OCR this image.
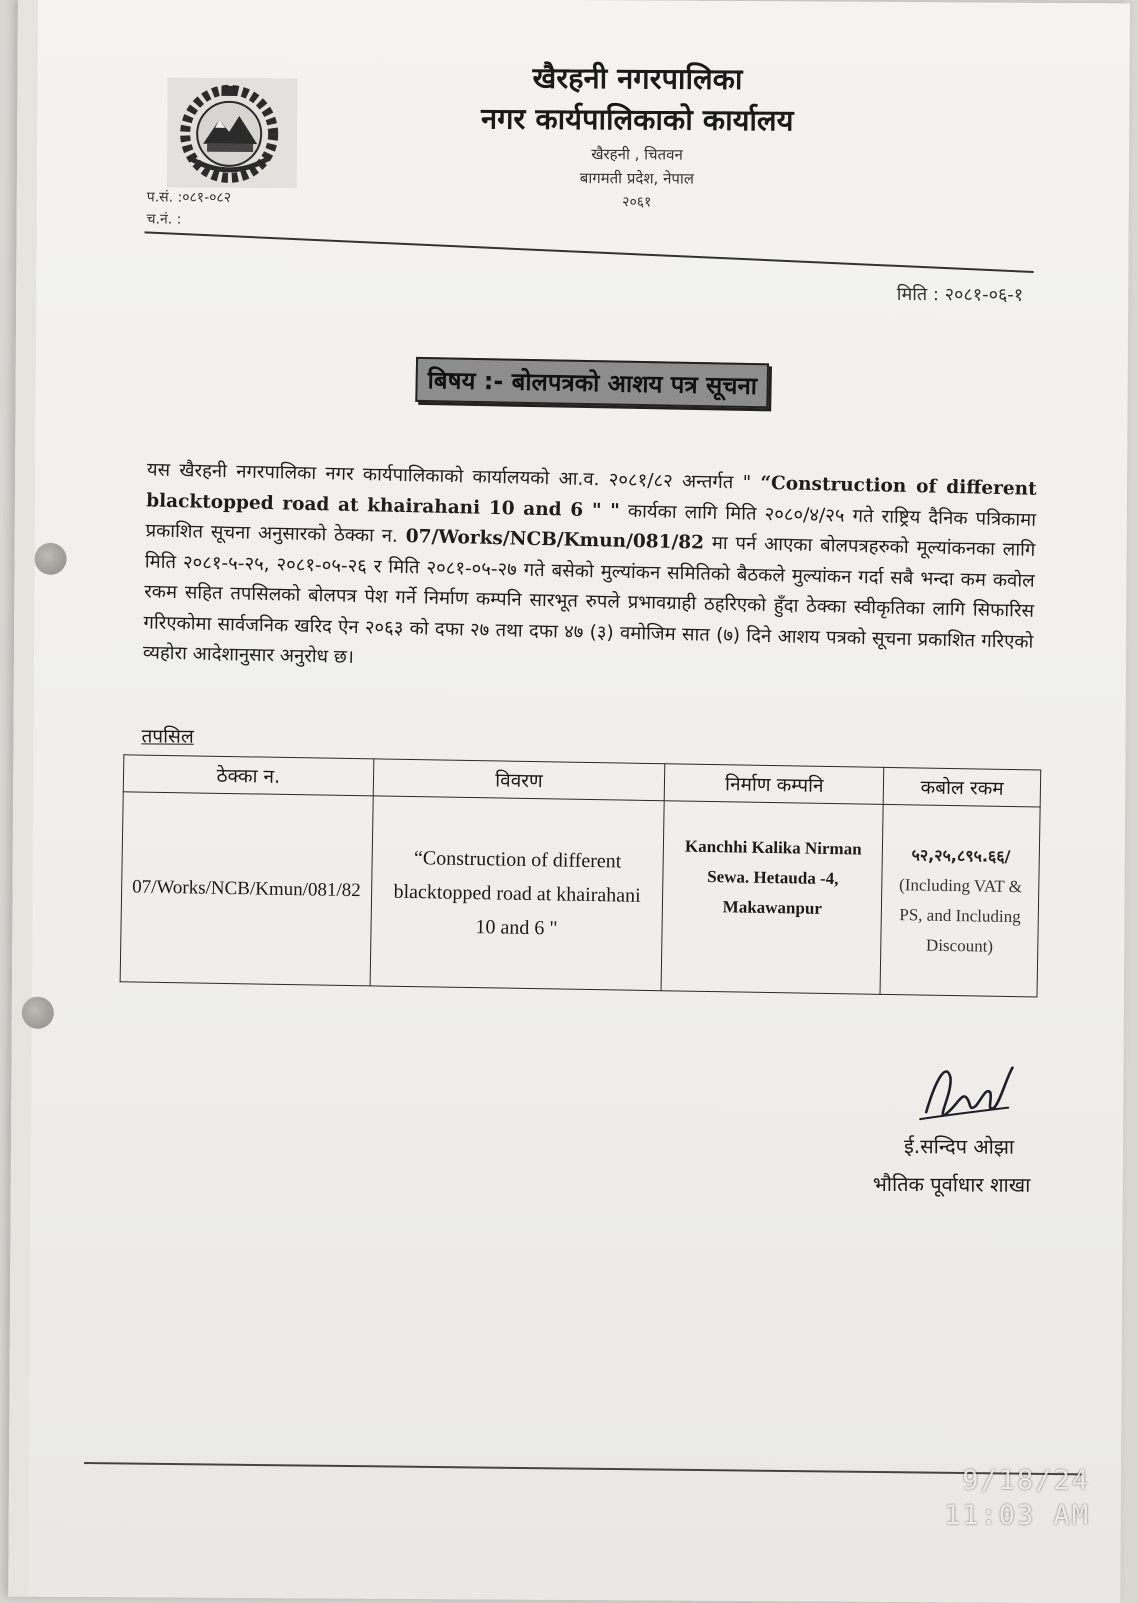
प.सं. :०८१-०८२
च.नं. :
खैरहनी नगरपालिका
नगर कार्यपालिकाको कार्यालय
खैरहनी , चितवन
बागमती प्रदेश, नेपाल
२०६१
मिति : २०८१-०६-१
बिषय :- बोलपत्रको आशय पत्र सूचना
यस खैरहनी नगरपालिका नगर कार्यपालिकाको कार्यालयको आ.व. २०८१/८२ अन्तर्गत " “Construction of different blacktopped road at khairahani 10 and 6 " " कार्यका लागि मिति २०८०/४/२५ गते राष्ट्रिय दैनिक पत्रिकामा प्रकाशित सूचना अनुसारको ठेक्का न. 07/Works/NCB/Kmun/081/82 मा पर्न आएका बोलपत्रहरुको मूल्यांकनका लागि मिति २०८१-५-२५, २०८१-०५-२६ र मिति २०८१-०५-२७ गते बसेको मुल्यांकन समितिको बैठकले मुल्यांकन गर्दा सबै भन्दा कम कवोल रकम सहित तपसिलको बोलपत्र पेश गर्ने निर्माण कम्पनि सारभूत रुपले प्रभावग्राही ठहरिएको हुँदा ठेक्का स्वीकृतिका लागि सिफारिस गरिएकोमा सार्वजनिक खरिद ऐन २०६३ को दफा २७ तथा दफा ४७ (३) वमोजिम सात (७) दिने आशय पत्रको सूचना प्रकाशित गरिएको व्यहोरा आदेशानुसार अनुरोध छ।
तपसिल
ठेक्का न.	विवरण	निर्माण कम्पनि	कबोल रकम
07/Works/NCB/Kmun/081/82	“Construction of different blacktopped road at khairahani 10 and 6 "	Kanchhi Kalika Nirman Sewa. Hetauda -4, Makawanpur	५२,२५,८९५.६६/
(Including VAT & PS, and Including Discount)
ई.सन्दिप ओझा
भौतिक पूर्वाधार शाखा
9/18/24
11:03 AM
